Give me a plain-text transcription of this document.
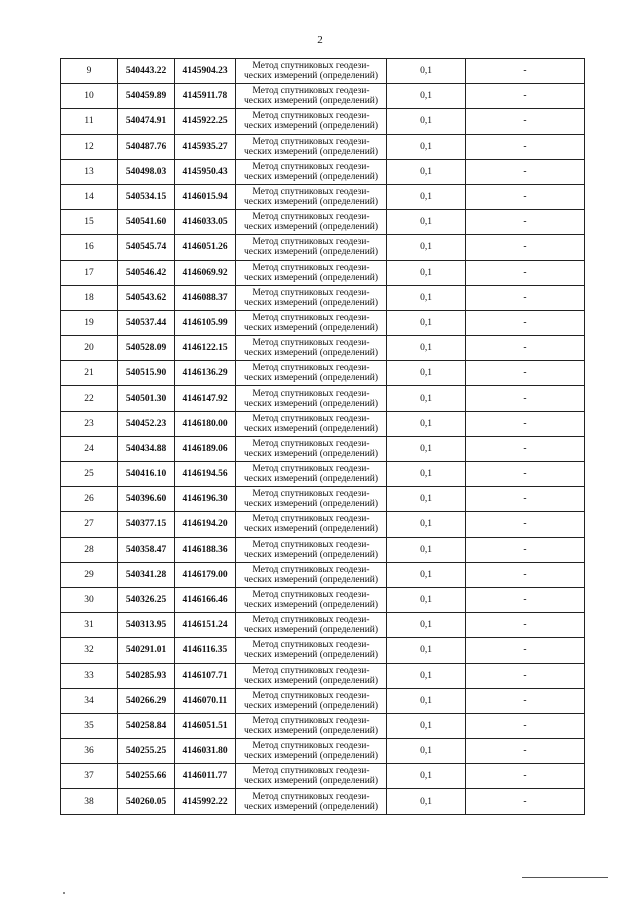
2
9	540443.22	4145904.23	Метод спутниковых геодези-
ческих измерений (определений)	0,1	-
10	540459.89	4145911.78	Метод спутниковых геодези-
ческих измерений (определений)	0,1	-
11	540474.91	4145922.25	Метод спутниковых геодези-
ческих измерений (определений)	0,1	-
12	540487.76	4145935.27	Метод спутниковых геодези-
ческих измерений (определений)	0,1	-
13	540498.03	4145950.43	Метод спутниковых геодези-
ческих измерений (определений)	0,1	-
14	540534.15	4146015.94	Метод спутниковых геодези-
ческих измерений (определений)	0,1	-
15	540541.60	4146033.05	Метод спутниковых геодези-
ческих измерений (определений)	0,1	-
16	540545.74	4146051.26	Метод спутниковых геодези-
ческих измерений (определений)	0,1	-
17	540546.42	4146069.92	Метод спутниковых геодези-
ческих измерений (определений)	0,1	-
18	540543.62	4146088.37	Метод спутниковых геодези-
ческих измерений (определений)	0,1	-
19	540537.44	4146105.99	Метод спутниковых геодези-
ческих измерений (определений)	0,1	-
20	540528.09	4146122.15	Метод спутниковых геодези-
ческих измерений (определений)	0,1	-
21	540515.90	4146136.29	Метод спутниковых геодези-
ческих измерений (определений)	0,1	-
22	540501.30	4146147.92	Метод спутниковых геодези-
ческих измерений (определений)	0,1	-
23	540452.23	4146180.00	Метод спутниковых геодези-
ческих измерений (определений)	0,1	-
24	540434.88	4146189.06	Метод спутниковых геодези-
ческих измерений (определений)	0,1	-
25	540416.10	4146194.56	Метод спутниковых геодези-
ческих измерений (определений)	0,1	-
26	540396.60	4146196.30	Метод спутниковых геодези-
ческих измерений (определений)	0,1	-
27	540377.15	4146194.20	Метод спутниковых геодези-
ческих измерений (определений)	0,1	-
28	540358.47	4146188.36	Метод спутниковых геодези-
ческих измерений (определений)	0,1	-
29	540341.28	4146179.00	Метод спутниковых геодези-
ческих измерений (определений)	0,1	-
30	540326.25	4146166.46	Метод спутниковых геодези-
ческих измерений (определений)	0,1	-
31	540313.95	4146151.24	Метод спутниковых геодези-
ческих измерений (определений)	0,1	-
32	540291.01	4146116.35	Метод спутниковых геодези-
ческих измерений (определений)	0,1	-
33	540285.93	4146107.71	Метод спутниковых геодези-
ческих измерений (определений)	0,1	-
34	540266.29	4146070.11	Метод спутниковых геодези-
ческих измерений (определений)	0,1	-
35	540258.84	4146051.51	Метод спутниковых геодези-
ческих измерений (определений)	0,1	-
36	540255.25	4146031.80	Метод спутниковых геодези-
ческих измерений (определений)	0,1	-
37	540255.66	4146011.77	Метод спутниковых геодези-
ческих измерений (определений)	0,1	-
38	540260.05	4145992.22	Метод спутниковых геодези-
ческих измерений (определений)	0,1	-
